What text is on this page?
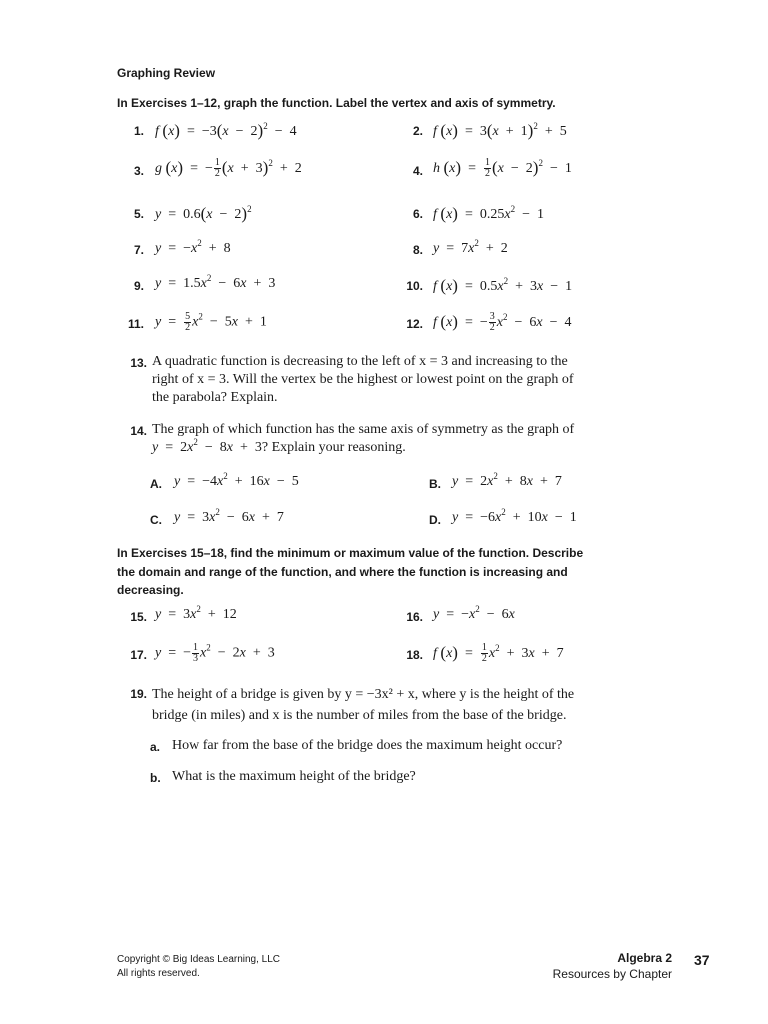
Graphing Review
In Exercises 1–12, graph the function. Label the vertex and axis of symmetry.
1. f $(x) = -3(x - 2)^2 - 4$	2. f $(x) = 3(x + 1)^2 + 5$
3. g (x)  =  − $\frac{1}{2} (x + 3)^2 + 2$	4. h $(x) = \frac{1}{2} (x - 2)^2 - 1$
5. $y = 0.6(x - 2)^2$	6. f $(x) = 0.25x^2 - 1$
7. $y = -x^2 + 8$	8. $y = 7x^2 + 2$
9. $y = 1.5x^2 - 6x + 3$	10. f $(x) = 0.5x^2 + 3x - 1$
11. $y = \frac{5}{2} x^2 - 5x + 1$	12. f (x)  =  − $\frac{3}{2} x^2 - 6x - 4$
13. A quadratic function is decreasing to the left of x = 3 and increasing to the right of x = 3. Will the vertex be the highest or lowest point on the graph of the parabola? Explain.
14. The graph of which function has the same axis of symmetry as the graph of
$y = 2x^2 - 8x + 3$? Explain your reasoning.
A. $y = -4x^2 + 16x - 5$	B. $y = 2x^2 + 8x + 7$
C. $y = 3x^2 - 6x + 7$	D. $y = -6x^2 + 10x - 1$
In Exercises 15–18, find the minimum or maximum value of the function. Describe the domain and range of the function, and where the function is increasing and decreasing.
15. $y = 3x^2 + 12$	16. $y = -x^2 - 6x$
17. y  =  − $\frac{1}{3} x^2 - 2x + 3$	18. f $(x) = \frac{1}{2} x^2 + 3x + 7$
19. The height of a bridge is given by y = −3x² + x, where y is the height of the bridge (in miles) and x is the number of miles from the base of the bridge.
a. How far from the base of the bridge does the maximum height occur?
b. What is the maximum height of the bridge?
Copyright © Big Ideas Learning, LLC
All rights reserved.
Algebra 2
Resources by Chapter
37
